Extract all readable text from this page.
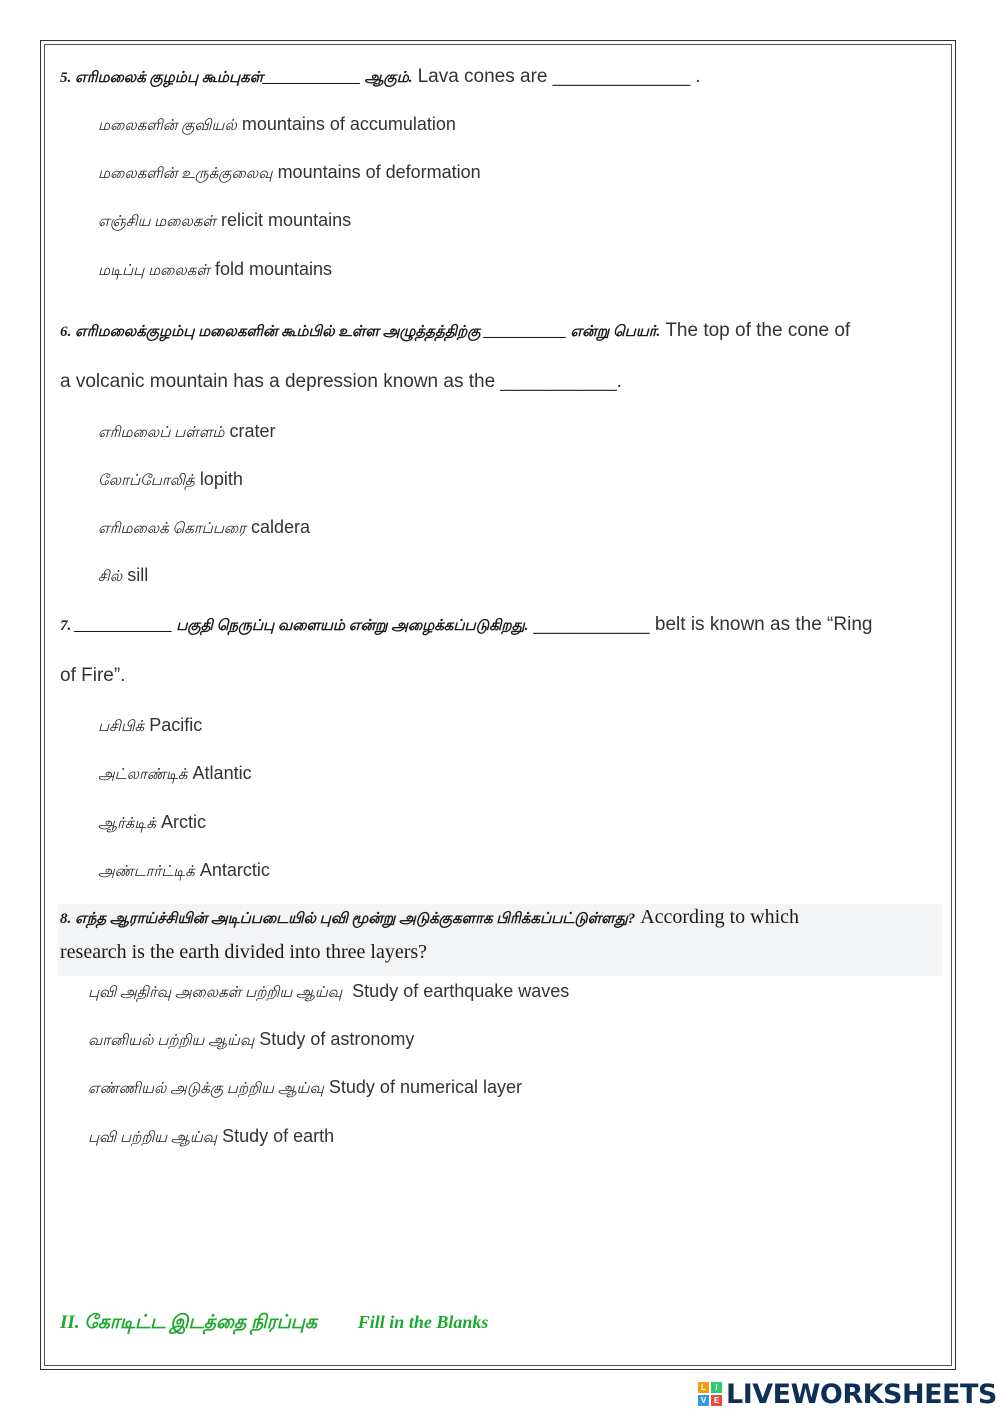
5. எரிமலைக் குழம்பு கூம்புகள்_____________ ஆகும். Lava cones are _____________ .
மலைகளின் குவியல் mountains of accumulation
மலைகளின் உருக்குலைவு mountains of deformation
எஞ்சிய மலைகள் relicit mountains
மடிப்பு மலைகள் fold mountains
6. எரிமலைக்குழம்பு மலைகளின் கூம்பில் உள்ள அழுத்தத்திற்கு ___________ என்று பெயர். The top of the cone of
a volcanic mountain has a depression known as the ___________.
எரிமலைப் பள்ளம் crater
லோப்போலித் lopith
எரிமலைக் கொப்பரை caldera
சில் sill
7. _____________ பகுதி நெருப்பு வளையம் என்று அழைக்கப்படுகிறது. ___________ belt is known as the “Ring
of Fire”.
பசிபிக் Pacific
அட்லாண்டிக் Atlantic
ஆர்க்டிக் Arctic
அண்டார்ட்டிக் Antarctic
8. எந்த ஆராய்ச்சியின் அடிப்படையில் புவி மூன்று அடுக்குகளாக பிரிக்கப்பட்டுள்ளது? According to which
research is the earth divided into three layers?
புவி அதிர்வு அலைகள் பற்றிய ஆய்வு Study of earthquake waves
வானியல் பற்றிய ஆய்வு Study of astronomy
எண்ணியல் அடுக்கு பற்றிய ஆய்வு Study of numerical layer
புவி பற்றிய ஆய்வு Study of earth
II. கோடிட்ட இடத்தை நிரப்புக Fill in the Blanks
L	I
V E LIVEWORKSHEETS
